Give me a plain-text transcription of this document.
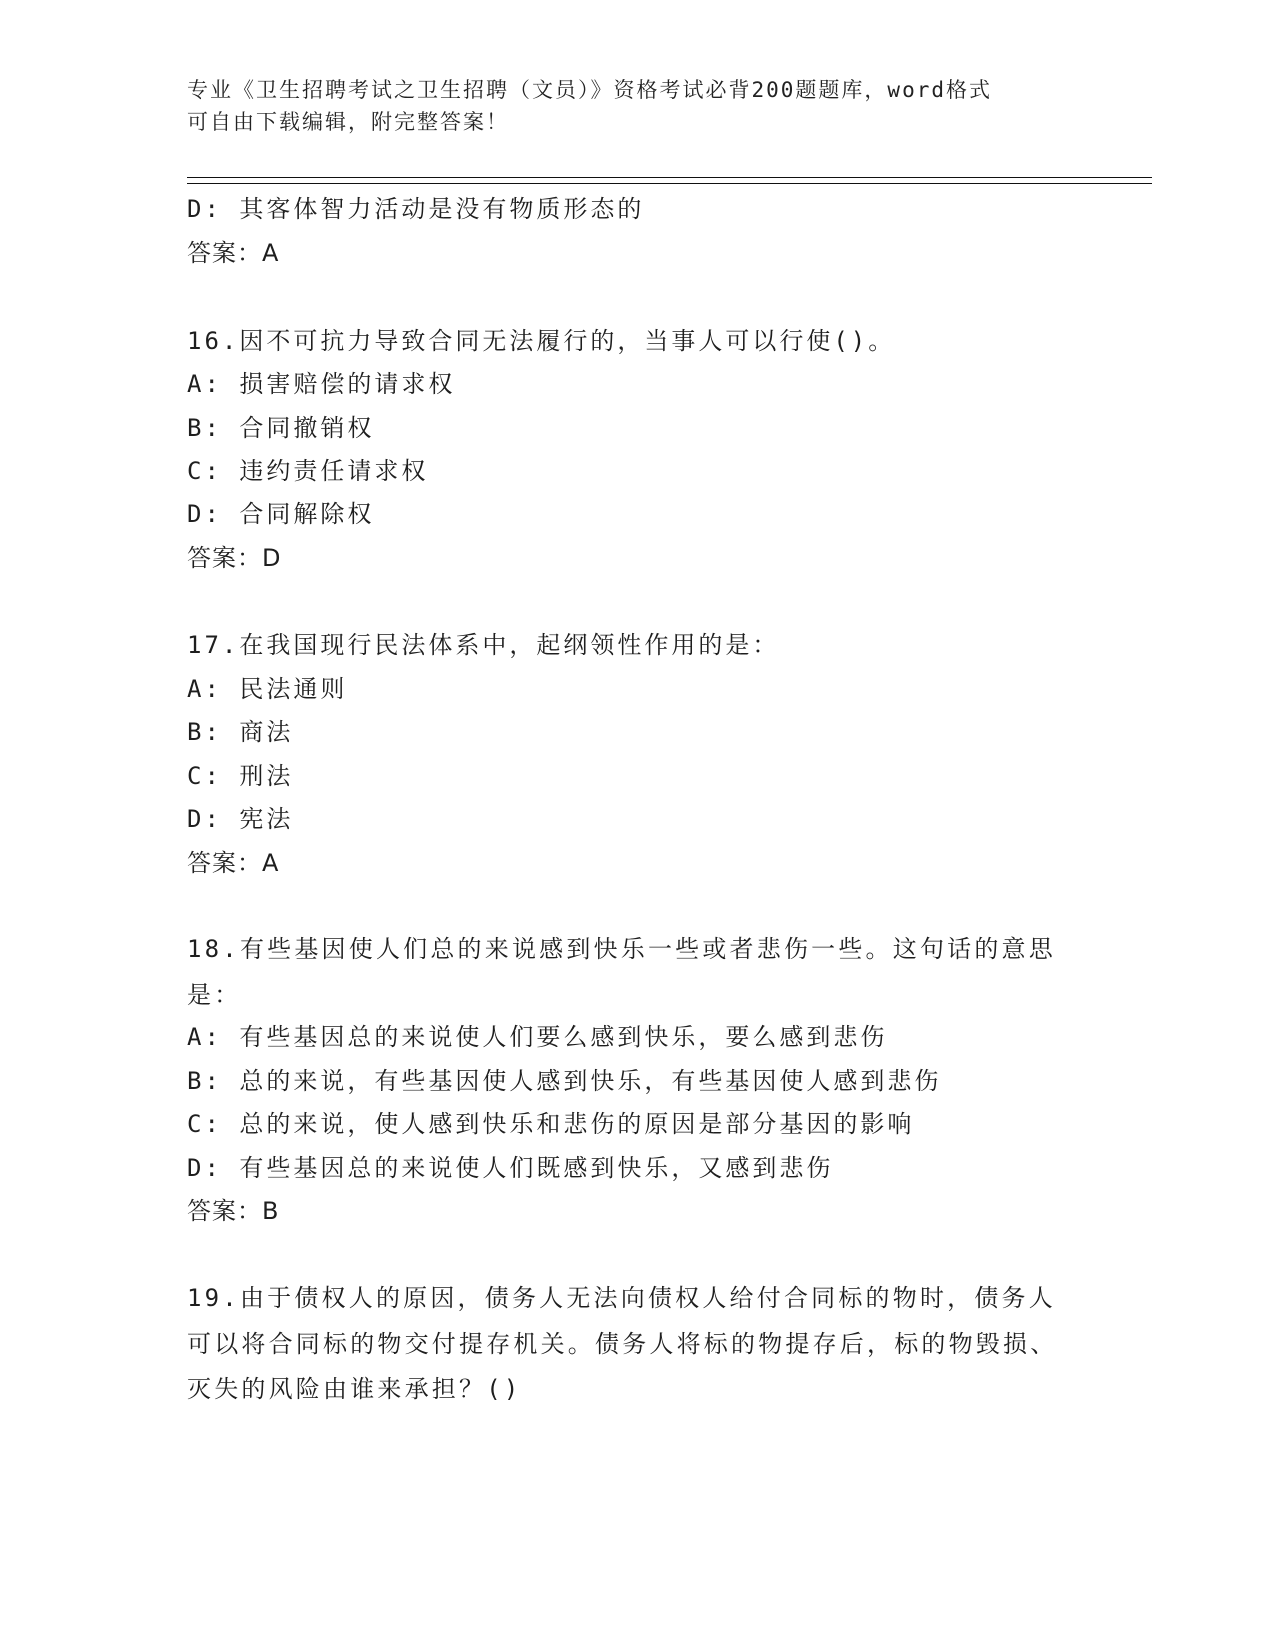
专业《卫生招聘考试之卫生招聘（文员）》资格考试必背200题题库，word格式
可自由下载编辑，附完整答案！
D: 其客体智力活动是没有物质形态的
答案：A
16.因不可抗力导致合同无法履行的，当事人可以行使()。
A: 损害赔偿的请求权
B: 合同撤销权
C: 违约责任请求权
D: 合同解除权
答案：D
17.在我国现行民法体系中，起纲领性作用的是：
A: 民法通则
B: 商法
C: 刑法
D: 宪法
答案：A
18.有些基因使人们总的来说感到快乐一些或者悲伤一些。这句话的意思是：
A: 有些基因总的来说使人们要么感到快乐，要么感到悲伤
B: 总的来说，有些基因使人感到快乐，有些基因使人感到悲伤
C: 总的来说，使人感到快乐和悲伤的原因是部分基因的影响
D: 有些基因总的来说使人们既感到快乐，又感到悲伤
答案：B
19.由于债权人的原因，债务人无法向债权人给付合同标的物时，债务人可以将合同标的物交付提存机关。债务人将标的物提存后，标的物毁损、灭失的风险由谁来承担？()
